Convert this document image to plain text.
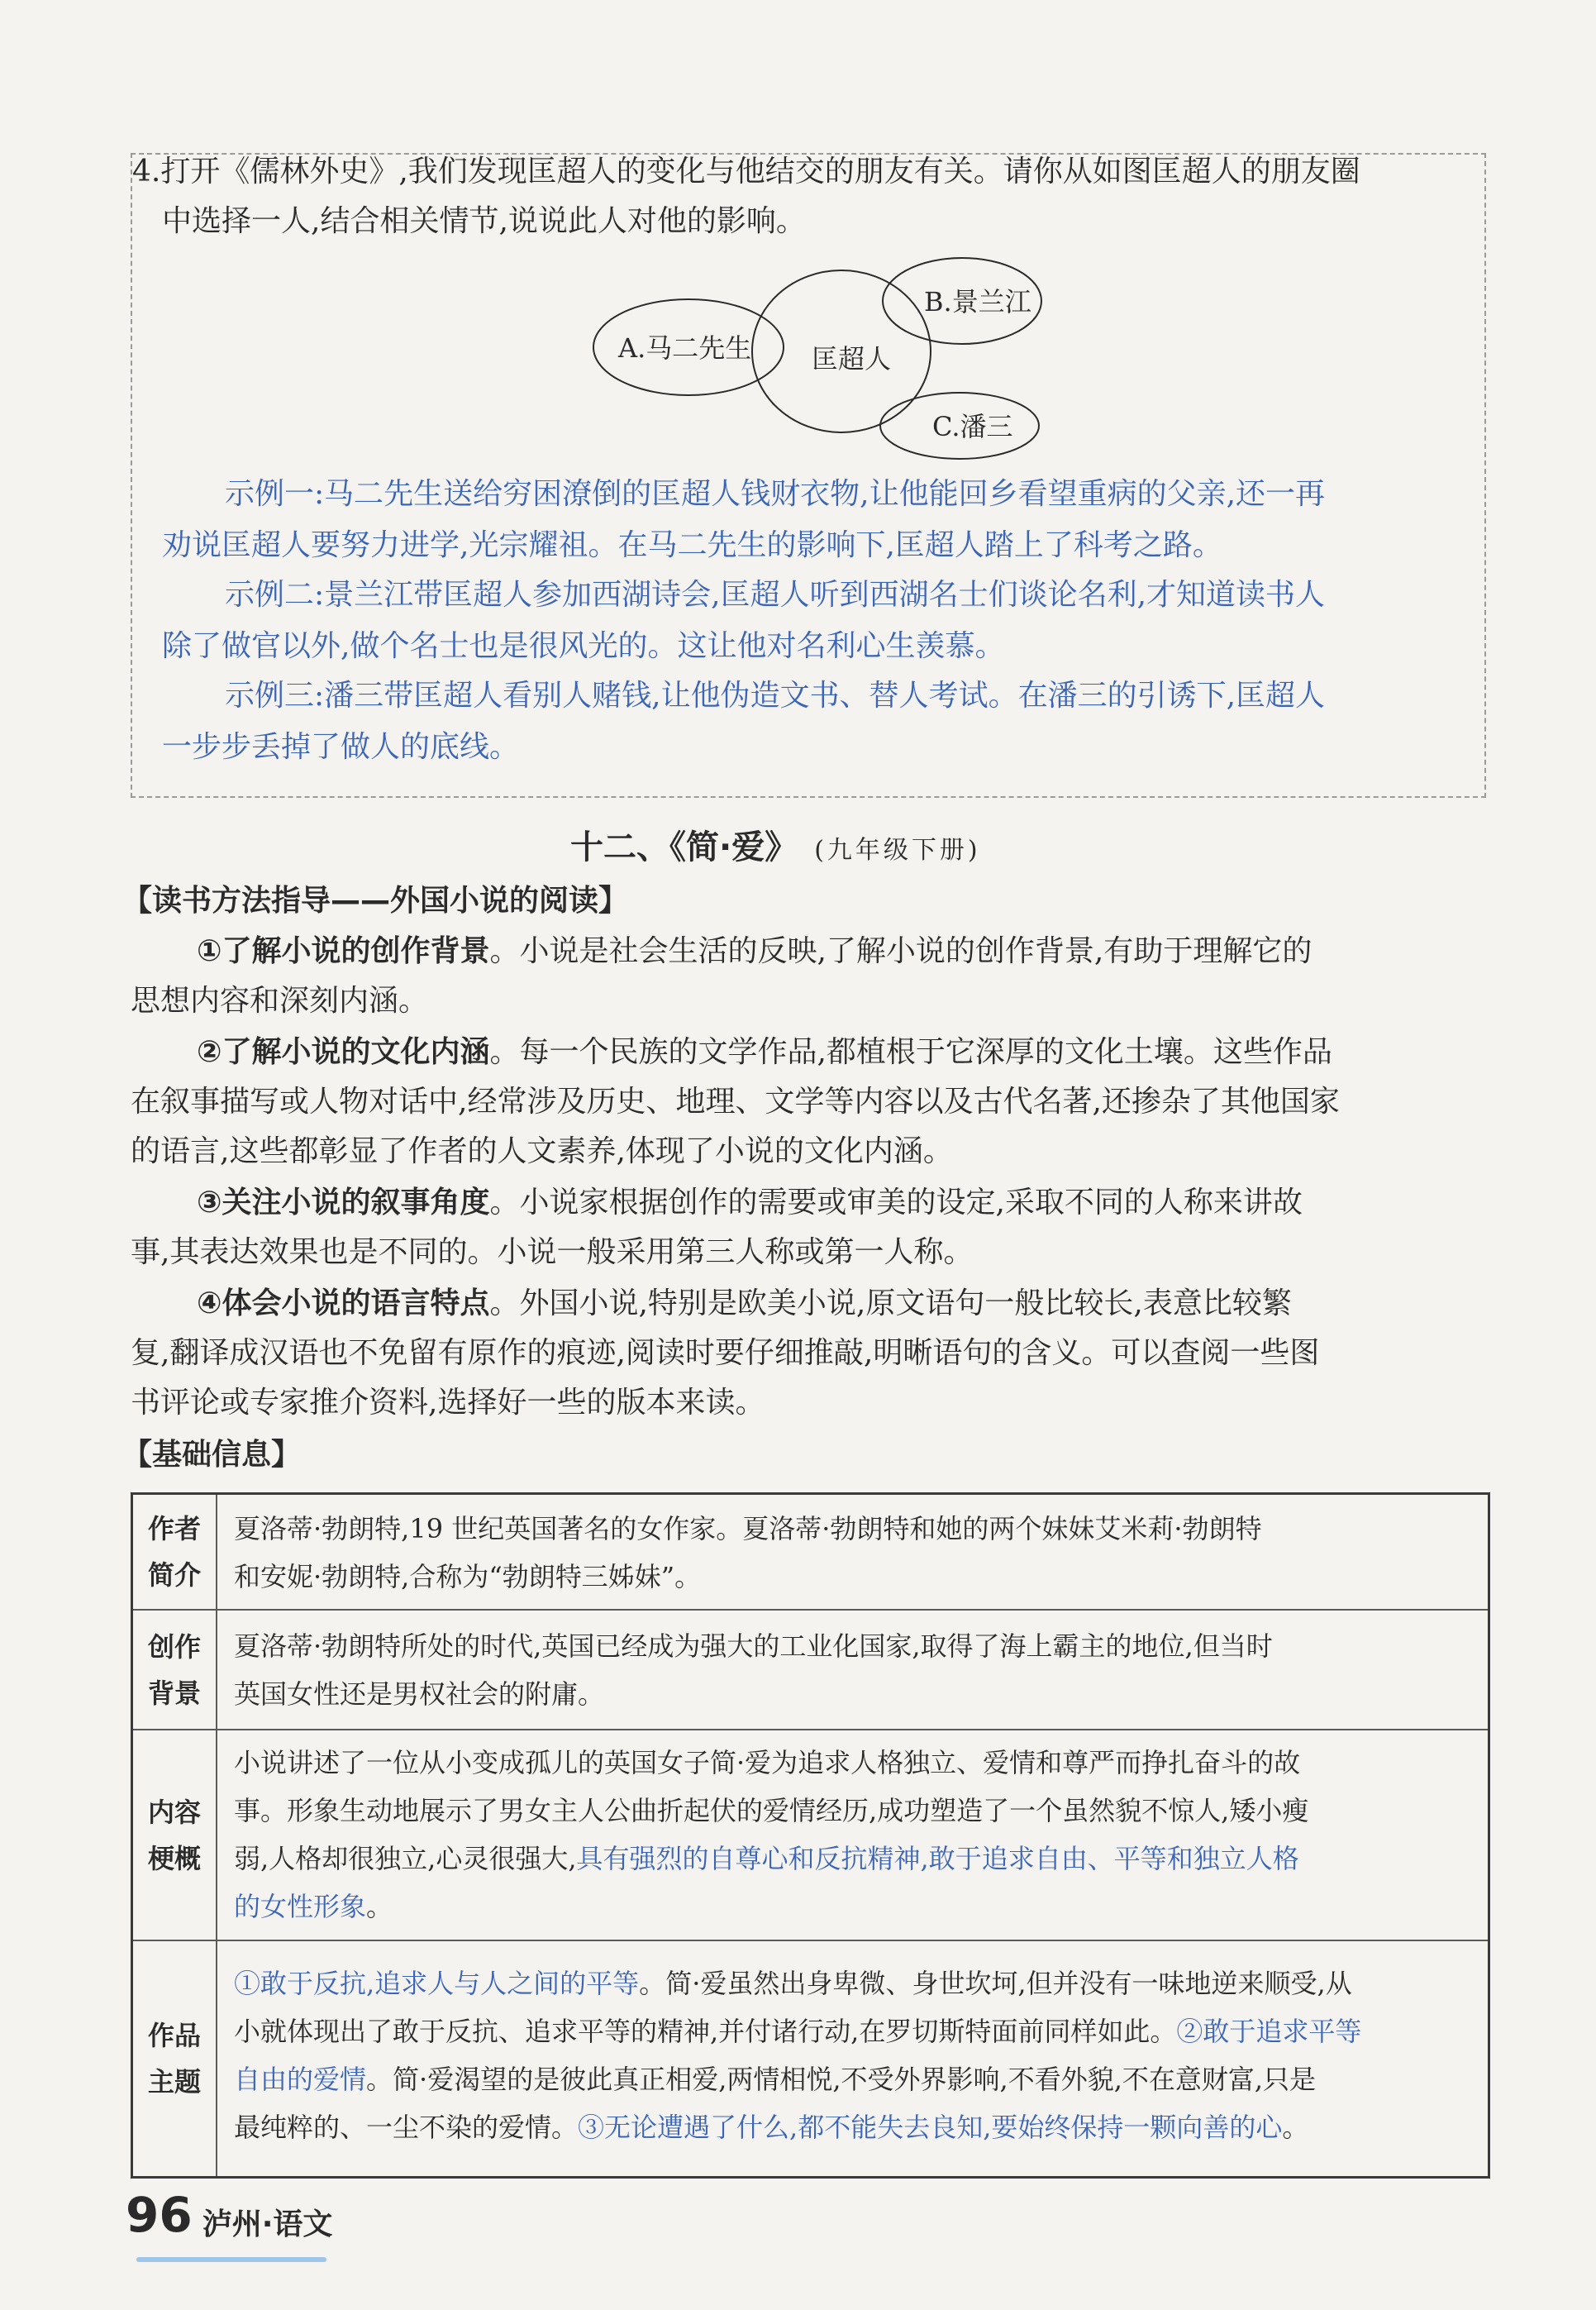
4.打开《儒林外史》,我们发现匡超人的变化与他结交的朋友有关。请你从如图匡超人的朋友圈
中选择一人,结合相关情节,说说此人对他的影响。
A.马二先生 匡超人
B.景兰江
C.潘三
示例一:马二先生送给穷困潦倒的匡超人钱财衣物,让他能回乡看望重病的父亲,还一再
劝说匡超人要努力进学,光宗耀祖。在马二先生的影响下,匡超人踏上了科考之路。
示例二:景兰江带匡超人参加西湖诗会,匡超人听到西湖名士们谈论名利,才知道读书人
除了做官以外,做个名士也是很风光的。这让他对名利心生羡慕。
示例三:潘三带匡超人看别人赌钱,让他伪造文书、替人考试。在潘三的引诱下,匡超人
一步步丢掉了做人的底线。
十二、《简·爱》 (九年级下册)
【读书方法指导——外国小说的阅读】
①了解小说的创作背景。小说是社会生活的反映,了解小说的创作背景,有助于理解它的
思想内容和深刻内涵。
②了解小说的文化内涵。每一个民族的文学作品,都植根于它深厚的文化土壤。这些作品
在叙事描写或人物对话中,经常涉及历史、地理、文学等内容以及古代名著,还掺杂了其他国家
的语言,这些都彰显了作者的人文素养,体现了小说的文化内涵。
③关注小说的叙事角度。小说家根据创作的需要或审美的设定,采取不同的人称来讲故
事,其表达效果也是不同的。小说一般采用第三人称或第一人称。
④体会小说的语言特点。外国小说,特别是欧美小说,原文语句一般比较长,表意比较繁
复,翻译成汉语也不免留有原作的痕迹,阅读时要仔细推敲,明晰语句的含义。可以查阅一些图
书评论或专家推介资料,选择好一些的版本来读。
【基础信息】
作者
简介
夏洛蒂·勃朗特,19 世纪英国著名的女作家。夏洛蒂·勃朗特和她的两个妹妹艾米莉·勃朗特
和安妮·勃朗特,合称为“勃朗特三姊妹”。
创作
背景
夏洛蒂·勃朗特所处的时代,英国已经成为强大的工业化国家,取得了海上霸主的地位,但当时
英国女性还是男权社会的附庸。
内容
梗概
小说讲述了一位从小变成孤儿的英国女子简·爱为追求人格独立、爱情和尊严而挣扎奋斗的故
事。形象生动地展示了男女主人公曲折起伏的爱情经历,成功塑造了一个虽然貌不惊人,矮小瘦
弱,人格却很独立,心灵很强大,具有强烈的自尊心和反抗精神,敢于追求自由、平等和独立人格
的女性形象。
作品
主题
①敢于反抗,追求人与人之间的平等。简·爱虽然出身卑微、身世坎坷,但并没有一味地逆来顺受,从
小就体现出了敢于反抗、追求平等的精神,并付诸行动,在罗切斯特面前同样如此。②敢于追求平等
自由的爱情。简·爱渴望的是彼此真正相爱,两情相悦,不受外界影响,不看外貌,不在意财富,只是
最纯粹的、一尘不染的爱情。③无论遭遇了什么,都不能失去良知,要始终保持一颗向善的心。
96 泸州·语文
